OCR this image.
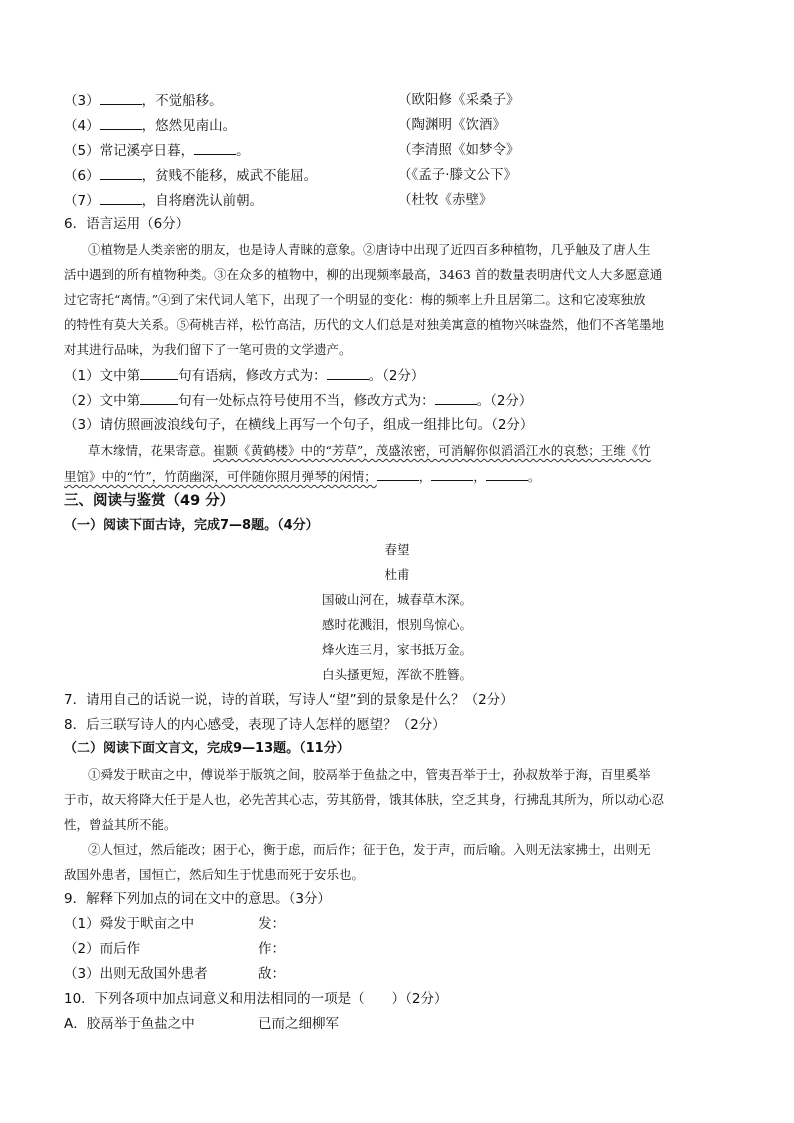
（3）	，不觉船移。	（欧阳修《采桑子》
（4）	，悠然见南山。	（陶渊明《饮酒》
（5）常记溪亭日暮，	。	（李清照《如梦令》
（6）	，贫贱不能移，威武不能屈。	（《孟子·滕文公下》
（7）	，自将磨洗认前朝。	（杜牧《赤壁》
6．语言运用（6分）
①植物是人类亲密的朋友，也是诗人青睐的意象。②唐诗中出现了近四百多种植物，几乎触及了唐人生
活中遇到的所有植物种类。③在众多的植物中，柳的出现频率最高，3463 首的数量表明唐代文人大多愿意通
过它寄托“离情。”④到了宋代词人笔下，出现了一个明显的变化：梅的频率上升且居第二。这和它凌寒独放
的特性有莫大关系。⑤荷桃吉祥，松竹高洁，历代的文人们总是对独美寓意的植物兴味盎然，他们不吝笔墨地
对其进行品味，为我们留下了一笔可贵的文学遗产。
（1）文中第	句有语病，修改方式为：	。（2分）
（2）文中第	句有一处标点符号使用不当，修改方式为：	。（2分）
（3）请仿照画波浪线句子，在横线上再写一个句子，组成一组排比句。（2分）
草木缘情，花果寄意。崔颢《黄鹤楼》中的“芳草”，茂盛浓密，可消解你似滔滔江水的哀愁；王维《竹
里馆》中的“竹”，竹荫幽深，可伴随你照月弹琴的闲情；	，	，	。
三、阅读与鉴赏（49 分）
（一）阅读下面古诗，完成7—8题。（4分）
春望
杜甫
国破山河在，城春草木深。
感时花溅泪，恨别鸟惊心。
烽火连三月，家书抵万金。
白头搔更短，浑欲不胜簪。
7．请用自己的话说一说，诗的首联，写诗人“望”到的景象是什么？（2分）
8．后三联写诗人的内心感受，表现了诗人怎样的愿望？（2分）
（二）阅读下面文言文，完成9—13题。（11分）
①舜发于畎亩之中，傅说举于版筑之间，胶鬲举于鱼盐之中，管夷吾举于士，孙叔敖举于海，百里奚举
于市，故天将降大任于是人也，必先苦其心志，劳其筋骨，饿其体肤，空乏其身，行拂乱其所为，所以动心忍
性，曾益其所不能。
②人恒过，然后能改；困于心，衡于虑，而后作；征于色，发于声，而后喻。入则无法家拂士，出则无
敌国外患者，国恒亡，然后知生于忧患而死于安乐也。
9．解释下列加点的词在文中的意思。（3分）
（1）舜发于畎亩之中	发：
（2）而后作	作：
（3）出则无敌国外患者	敌：
10．下列各项中加点词意义和用法相同的一项是（　　）（2分）
A．胶鬲举于鱼盐之中	已而之细柳军
